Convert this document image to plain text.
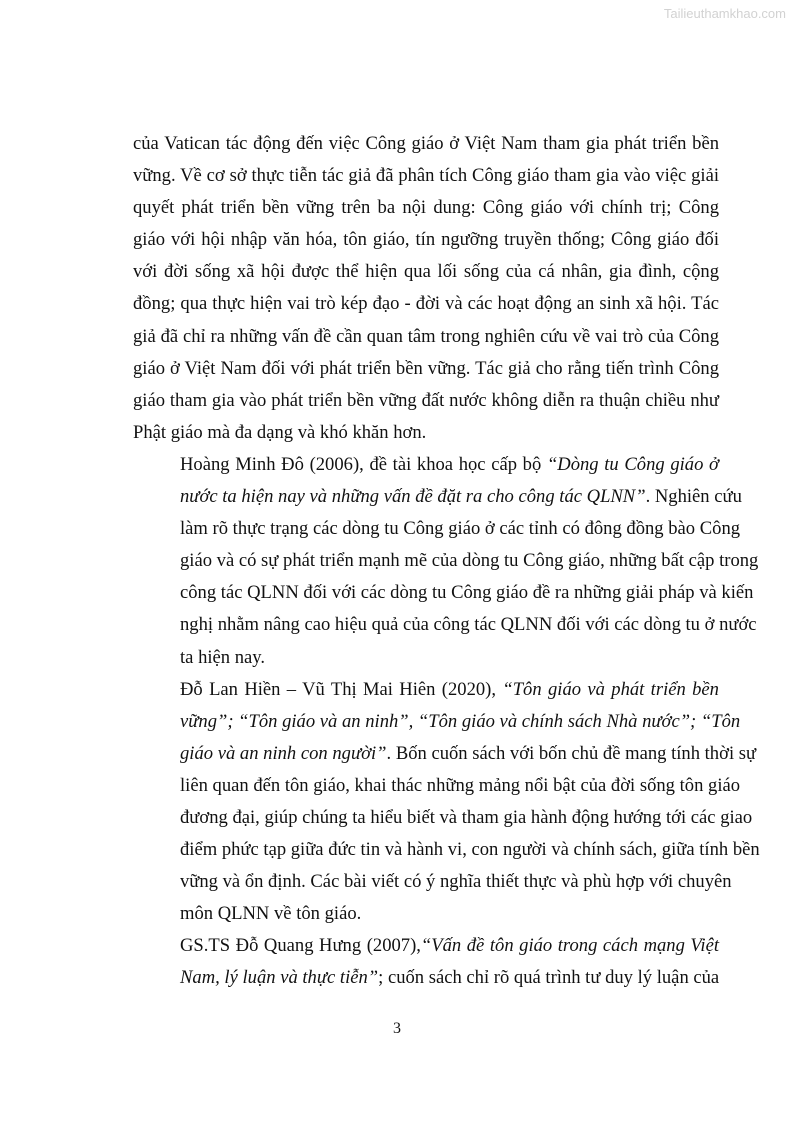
Tailieuthamkhao.com

của Vatican tác động đến việc Công giáo ở Việt Nam tham gia phát triển bền
vững. Về cơ sở thực tiễn tác giả đã phân tích Công giáo tham gia vào việc giải
quyết phát triển bền vững trên ba nội dung: Công giáo với chính trị; Công
giáo với hội nhập văn hóa, tôn giáo, tín ngưỡng truyền thống; Công giáo đối
với đời sống xã hội được thể hiện qua lối sống của cá nhân, gia đình, cộng
đồng; qua thực hiện vai trò kép đạo - đời và các hoạt động an sinh xã hội. Tác
giả đã chỉ ra những vấn đề cần quan tâm trong nghiên cứu về vai trò của Công
giáo ở Việt Nam đối với phát triển bền vững. Tác giả cho rằng tiến trình Công
giáo tham gia vào phát triển bền vững đất nước không diễn ra thuận chiều như
Phật giáo mà đa dạng và khó khăn hơn.

Hoàng Minh Đô (2006), đề tài khoa học cấp bộ “Dòng tu Công giáo ở
nước ta hiện nay và những vấn đề đặt ra cho công tác QLNN”. Nghiên cứu
làm rõ thực trạng các dòng tu Công giáo ở các tỉnh có đông đồng bào Công
giáo và có sự phát triển mạnh mẽ của dòng tu Công giáo, những bất cập trong
công tác QLNN đối với các dòng tu Công giáo đề ra những giải pháp và kiến
nghị nhằm nâng cao hiệu quả của công tác QLNN đối với các dòng tu ở nước
ta hiện nay.

Đỗ Lan Hiền – Vũ Thị Mai Hiên (2020), “Tôn giáo và phát triển bền
vững”; “Tôn giáo và an ninh”, “Tôn giáo và chính sách Nhà nước”; “Tôn
giáo và an ninh con người”. Bốn cuốn sách với bốn chủ đề mang tính thời sự
liên quan đến tôn giáo, khai thác những mảng nổi bật của đời sống tôn giáo
đương đại, giúp chúng ta hiểu biết và tham gia hành động hướng tới các giao
điểm phức tạp giữa đức tin và hành vi, con người và chính sách, giữa tính bền
vững và ổn định. Các bài viết có ý nghĩa thiết thực và phù hợp với chuyên
môn QLNN về tôn giáo.

GS.TS Đỗ Quang Hưng (2007),“Vấn đề tôn giáo trong cách mạng Việt
Nam, lý luận và thực tiễn”; cuốn sách chỉ rõ quá trình tư duy lý luận của

3
